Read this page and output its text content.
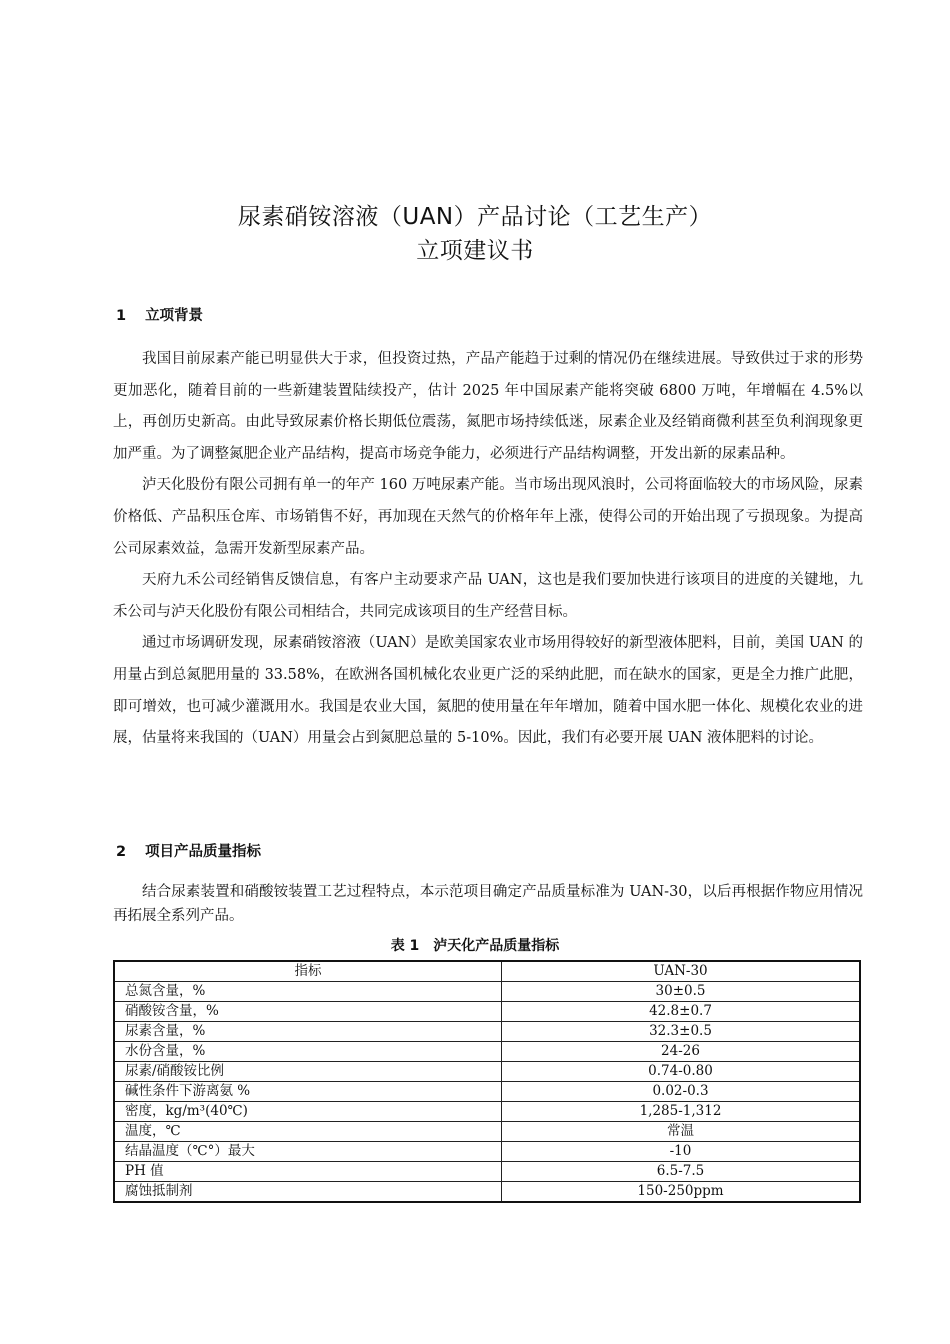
尿素硝铵溶液（UAN）产品讨论（工艺生产）
立项建议书
1 立项背景

我国目前尿素产能已明显供大于求，但投资过热，产品产能趋于过剩的情况仍在继续进展。导致供过于求的形势更加恶化，随着目前的一些新建装置陆续投产，估计 2025 年中国尿素产能将突破 6800 万吨，年增幅在 4.5%以上，再创历史新高。由此导致尿素价格长期低位震荡，氮肥市场持续低迷，尿素企业及经销商微利甚至负利润现象更加严重。为了调整氮肥企业产品结构，提高市场竞争能力，必须进行产品结构调整，开发出新的尿素品种。

泸天化股份有限公司拥有单一的年产 160 万吨尿素产能。当市场出现风浪时，公司将面临较大的市场风险，尿素价格低、产品积压仓库、市场销售不好，再加现在天然气的价格年年上涨，使得公司的开始出现了亏损现象。为提高公司尿素效益，急需开发新型尿素产品。

天府九禾公司经销售反馈信息，有客户主动要求产品 UAN，这也是我们要加快进行该项目的进度的关键地，九禾公司与泸天化股份有限公司相结合，共同完成该项目的生产经营目标。

通过市场调研发现，尿素硝铵溶液（UAN）是欧美国家农业市场用得较好的新型液体肥料，目前，美国 UAN 的用量占到总氮肥用量的 33.58%，在欧洲各国机械化农业更广泛的采纳此肥，而在缺水的国家，更是全力推广此肥，即可增效，也可减少灌溉用水。我国是农业大国，氮肥的使用量在年年增加，随着中国水肥一体化、规模化农业的进展，估量将来我国的（UAN）用量会占到氮肥总量的 5-10%。因此，我们有必要开展 UAN 液体肥料的讨论。

2 项目产品质量指标

结合尿素装置和硝酸铵装置工艺过程特点，本示范项目确定产品质量标准为 UAN-30，以后再根据作物应用情况再拓展全系列产品。

表 1　泸天化产品质量指标
指标	UAN-30
总氮含量，%	30±0.5
硝酸铵含量，%	42.8±0.7
尿素含量，%	32.3±0.5
水份含量，%	24-26
尿素/硝酸铵比例	0.74-0.80
碱性条件下游离氨 %	0.02-0.3
密度，kg/m³(40℃)	1,285-1,312
温度，℃	常温
结晶温度（℃°）最大	-10
PH 值	6.5-7.5
腐蚀抵制剂	150-250ppm
